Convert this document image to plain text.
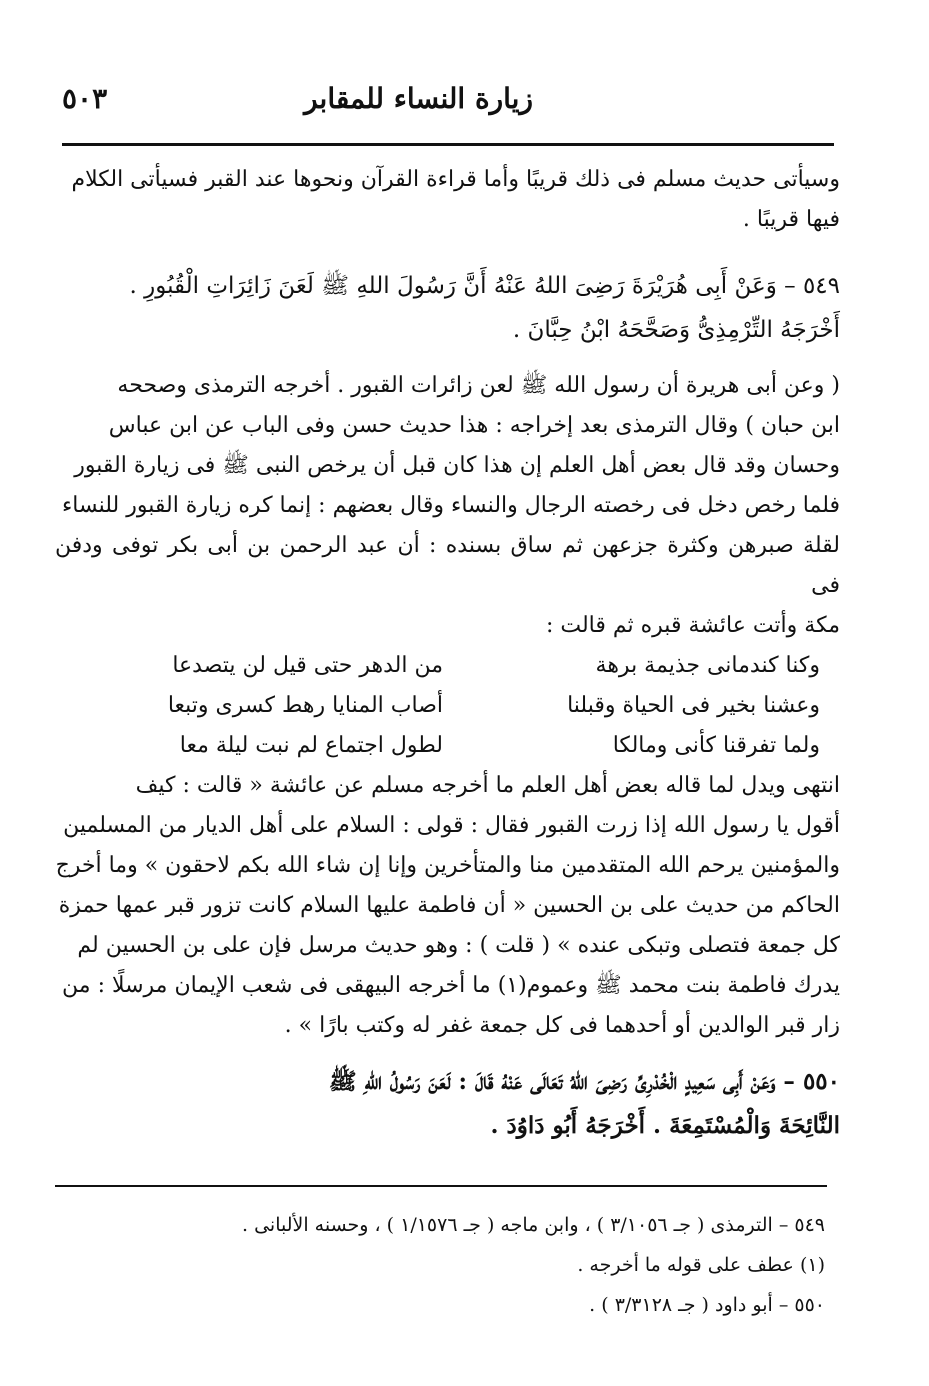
زيارة النساء للمقابر
٥٠٣

وسيأتى حديث مسلم فى ذلك قريبًا وأما قراءة القرآن ونحوها عند القبر فسيأتى الكلام

فيها قريبًا .

٥٤٩ – وَعَنْ أَبِى هُرَيْرَةَ رَضِىَ اللهُ عَنْهُ أَنَّ رَسُولَ اللهِ ﷺ لَعَنَ زَائِرَاتِ الْقُبُورِ .

أَخْرَجَهُ التِّرْمِذِىُّ وَصَحَّحَهُ ابْنُ حِبَّانَ .

( وعن أبى هريرة أن رسول الله ﷺ لعن زائرات القبور . أخرجه الترمذى وصححه

ابن حبان ) وقال الترمذى بعد إخراجه : هذا حديث حسن وفى الباب عن ابن عباس

وحسان وقد قال بعض أهل العلم إن هذا كان قبل أن يرخص النبى ﷺ فى زيارة القبور

فلما رخص دخل فى رخصته الرجال والنساء وقال بعضهم : إنما كره زيارة القبور للنساء

لقلة صبرهن وكثرة جزعهن ثم ساق بسنده : أن عبد الرحمن بن أبى بكر توفى ودفن فى

مكة وأتت عائشة قبره ثم قالت :

وكنا كندمانى جذيمة برهة
من الدهر حتى قيل لن يتصدعا
وعشنا بخير فى الحياة وقبلنا
أصاب المنايا رهط كسرى وتبعا
ولما تفرقنا كأنى ومالكا
لطول اجتماع لم نبت ليلة معا

انتهى ويدل لما قاله بعض أهل العلم ما أخرجه مسلم عن عائشة « قالت : كيف

أقول يا رسول الله إذا زرت القبور فقال : قولى : السلام على أهل الديار من المسلمين

والمؤمنين يرحم الله المتقدمين منا والمتأخرين وإنا إن شاء الله بكم لاحقون » وما أخرج

الحاكم من حديث على بن الحسين « أن فاطمة عليها السلام كانت تزور قبر عمها حمزة

كل جمعة فتصلى وتبكى عنده » ( قلت ) : وهو حديث مرسل فإن على بن الحسين لم

يدرك فاطمة بنت محمد ﷺ وعموم(١) ما أخرجه البيهقى فى شعب الإيمان مرسلًا : من

زار قبر الوالدين أو أحدهما فى كل جمعة غفر له وكتب بارًا » .

٥٥٠ – وَعَنْ أَبِى سَعِيدٍ الْخُدْرِىِّ رَضِىَ اللهُ تَعَالَى عَنْهُ قَالَ : لَعَنَ رَسُولُ اللهِ ﷺ

النَّائِحَةَ وَالْمُسْتَمِعَةَ . أَخْرَجَهُ أَبُو دَاوُدَ .

٥٤٩ – الترمذى ( جـ ٣/١٠٥٦ ) ، وابن ماجه ( جـ ١/١٥٧٦ ) ، وحسنه الألبانى .

(١) عطف على قوله ما أخرجه .

٥٥٠ – أبو داود ( جـ ٣/٣١٢٨ ) .
